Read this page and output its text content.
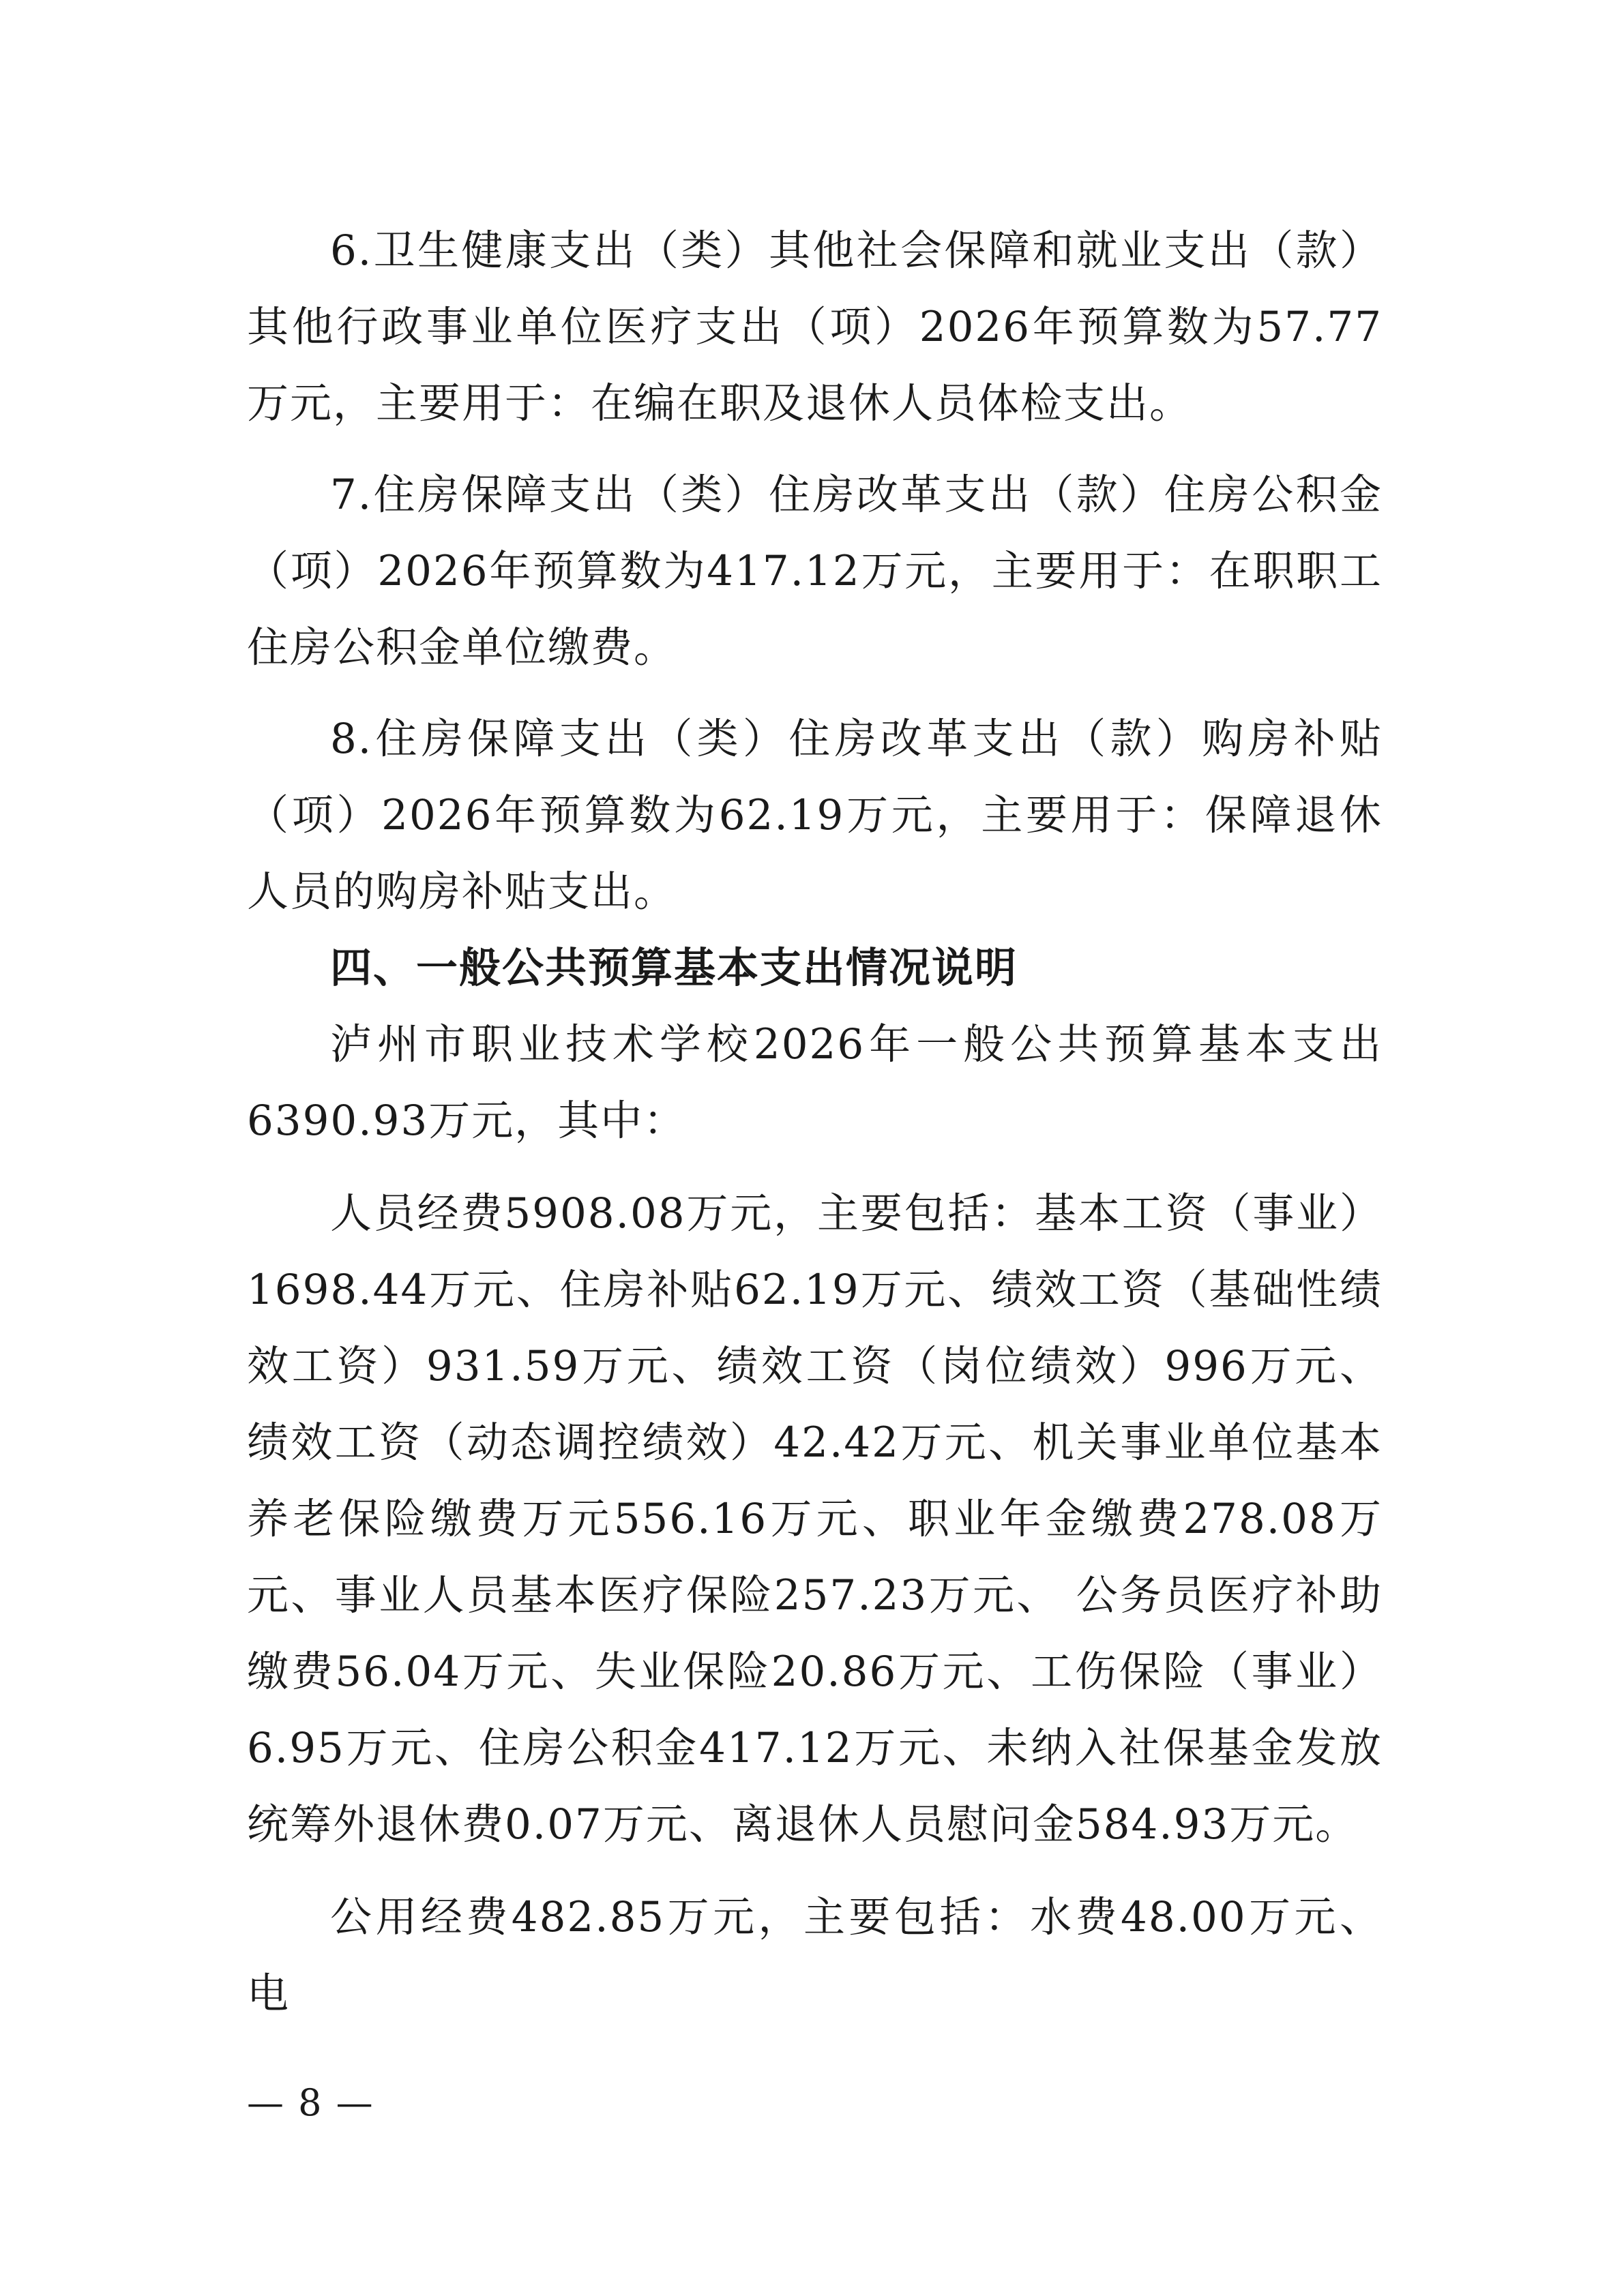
6.卫生健康支出（类）其他社会保障和就业支出（款）其他行政事业单位医疗支出（项）2026年预算数为57.77万元，主要用于：在编在职及退休人员体检支出。

7.住房保障支出（类）住房改革支出（款）住房公积金（项）2026年预算数为417.12万元，主要用于：在职职工住房公积金单位缴费。

8.住房保障支出（类）住房改革支出（款）购房补贴（项）2026年预算数为62.19万元，主要用于：保障退休人员的购房补贴支出。

四、一般公共预算基本支出情况说明

泸州市职业技术学校2026年一般公共预算基本支出6390.93万元，其中：

人员经费5908.08万元，主要包括：基本工资（事业）1698.44万元、住房补贴62.19万元、绩效工资（基础性绩效工资）931.59万元、绩效工资（岗位绩效）996万元、绩效工资（动态调控绩效）42.42万元、机关事业单位基本养老保险缴费万元556.16万元、职业年金缴费278.08万元、事业人员基本医疗保险257.23万元、 公务员医疗补助缴费56.04万元、失业保险20.86万元、工伤保险（事业）6.95万元、住房公积金417.12万元、未纳入社保基金发放统筹外退休费0.07万元、离退休人员慰问金584.93万元。

公用经费482.85万元，主要包括：水费48.00万元、电

— 8 —
